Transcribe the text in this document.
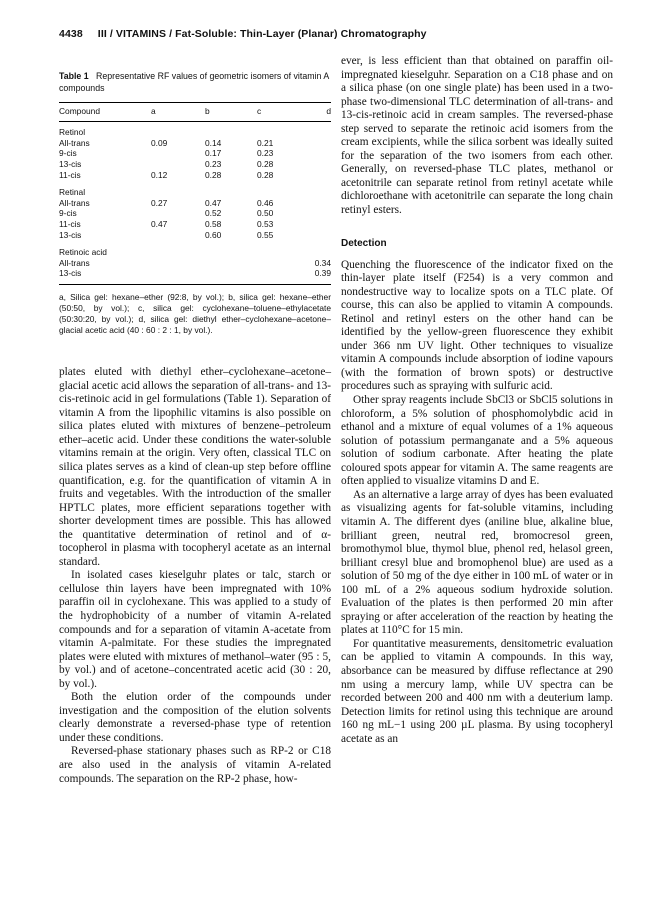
4438 III / VITAMINS / Fat-Soluble: Thin-Layer (Planar) Chromatography
Table 1 Representative RF values of geometric isomers of vitamin A compounds
Compound	a	b	c	d
Retinol				
All-trans	0.09	0.14	0.21	
9-cis		0.17	0.23	
13-cis		0.23	0.28	
11-cis	0.12	0.28	0.28	

Retinal				
All-trans	0.27	0.47	0.46	
9-cis		0.52	0.50	
11-cis	0.47	0.58	0.53	
13-cis		0.60	0.55	

Retinoic acid				
All-trans				0.34
13-cis				0.39
a, Silica gel: hexane–ether (92:8, by vol.); b, silica gel: hexane–ether (50:50, by vol.); c, silica gel: cyclohexane–toluene–ethylacetate (50:30:20, by vol.); d, silica gel: diethyl ether–cyclohexane–acetone–glacial acetic acid (40 : 60 : 2 : 1, by vol.).

plates eluted with diethyl ether–cyclohexane–acetone–glacial acetic acid allows the separation of all-trans- and 13-cis-retinoic acid in gel formulations (Table 1). Separation of vitamin A from the lipophilic vitamins is also possible on silica plates eluted with mixtures of benzene–petroleum ether–acetic acid. Under these conditions the water-soluble vitamins remain at the origin. Very often, classical TLC on silica plates serves as a kind of clean-up step before offline quantification, e.g. for the quantification of vitamin A in fruits and vegetables. With the introduction of the smaller HPTLC plates, more efficient separations together with shorter development times are possible. This has allowed the quantitative determination of retinol and of α-tocopherol in plasma with tocopheryl acetate as an internal standard.

In isolated cases kieselguhr plates or talc, starch or cellulose thin layers have been impregnated with 10% paraffin oil in cyclohexane. This was applied to a study of the hydrophobicity of a number of vitamin A-related compounds and for a separation of vitamin A-acetate from vitamin A-palmitate. For these studies the impregnated plates were eluted with mixtures of methanol–water (95 : 5, by vol.) and of acetone–concentrated acetic acid (30 : 20, by vol.).

Both the elution order of the compounds under investigation and the composition of the elution solvents clearly demonstrate a reversed-phase type of retention under these conditions.

Reversed-phase stationary phases such as RP-2 or C18 are also used in the analysis of vitamin A-related compounds. The separation on the RP-2 phase, how-

ever, is less efficient than that obtained on paraffin oil-impregnated kieselguhr. Separation on a C18 phase and on a silica phase (on one single plate) has been used in a two-phase two-dimensional TLC determination of all-trans- and 13-cis-retinoic acid in cream samples. The reversed-phase step served to separate the retinoic acid isomers from the cream excipients, while the silica sorbent was ideally suited for the separation of the two isomers from each other. Generally, on reversed-phase TLC plates, methanol or acetonitrile can separate retinol from retinyl acetate while dichloroethane with acetonitrile can separate the long chain retinyl esters.

Detection

Quenching the fluorescence of the indicator fixed on the thin-layer plate itself (F254) is a very common and nondestructive way to localize spots on a TLC plate. Of course, this can also be applied to vitamin A compounds. Retinol and retinyl esters on the other hand can be identified by the yellow-green fluorescence they exhibit under 366 nm UV light. Other techniques to visualize vitamin A compounds include absorption of iodine vapours (with the formation of brown spots) or destructive procedures such as spraying with sulfuric acid.

Other spray reagents include SbCl3 or SbCl5 solutions in chloroform, a 5% solution of phosphomolybdic acid in ethanol and a mixture of equal volumes of a 1% aqueous solution of potassium permanganate and a 5% aqueous solution of sodium carbonate. After heating the plate coloured spots appear for vitamin A. The same reagents are often applied to visualize vitamins D and E.

As an alternative a large array of dyes has been evaluated as visualizing agents for fat-soluble vitamins, including vitamin A. The different dyes (aniline blue, alkaline blue, brilliant green, neutral red, bromocresol green, bromothymol blue, thymol blue, phenol red, helasol green, brilliant cresyl blue and bromophenol blue) are used as a solution of 50 mg of the dye either in 100 mL of water or in 100 mL of a 2% aqueous sodium hydroxide solution. Evaluation of the plates is then performed 20 min after spraying or after acceleration of the reaction by heating the plates at 110°C for 15 min.

For quantitative measurements, densitometric evaluation can be applied to vitamin A compounds. In this way, absorbance can be measured by diffuse reflectance at 290 nm using a mercury lamp, while UV spectra can be recorded between 200 and 400 nm with a deuterium lamp. Detection limits for retinol using this technique are around 160 ng mL−1 using 200 µL plasma. By using tocopheryl acetate as an
